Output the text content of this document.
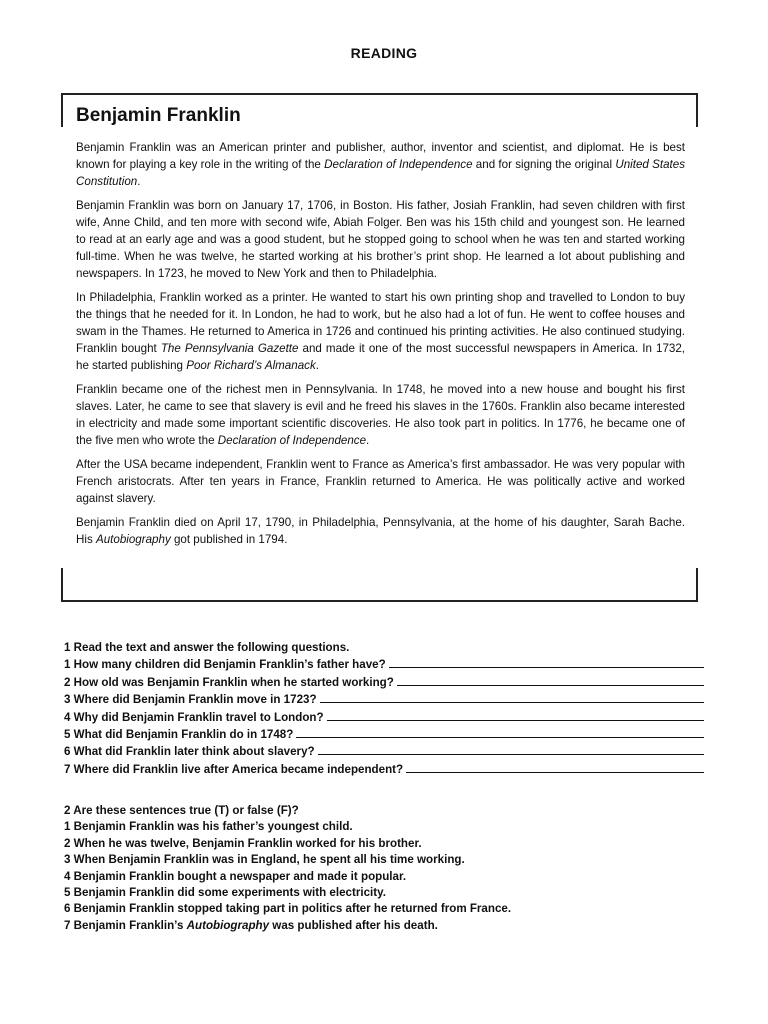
READING
Benjamin Franklin

Benjamin Franklin was an American printer and publisher, author, inventor and scientist, and diplomat. He is best known for playing a key role in the writing of the Declaration of Independence and for signing the original United States Constitution.

Benjamin Franklin was born on January 17, 1706, in Boston. His father, Josiah Franklin, had seven children with first wife, Anne Child, and ten more with second wife, Abiah Folger. Ben was his 15th child and youngest son. He learned to read at an early age and was a good student, but he stopped going to school when he was ten and started working full-time. When he was twelve, he started working at his brother’s print shop. He learned a lot about publishing and newspapers. In 1723, he moved to New York and then to Philadelphia.

In Philadelphia, Franklin worked as a printer. He wanted to start his own printing shop and travelled to London to buy the things that he needed for it. In London, he had to work, but he also had a lot of fun. He went to coffee houses and swam in the Thames. He returned to America in 1726 and continued his printing activities. He also continued studying. Franklin bought The Pennsylvania Gazette and made it one of the most successful newspapers in America. In 1732, he started publishing Poor Richard’s Almanack.

Franklin became one of the richest men in Pennsylvania. In 1748, he moved into a new house and bought his first slaves. Later, he came to see that slavery is evil and he freed his slaves in the 1760s. Franklin also became interested in electricity and made some important scientific discoveries. He also took part in politics. In 1776, he became one of the five men who wrote the Declaration of Independence.

After the USA became independent, Franklin went to France as America’s first ambassador. He was very popular with French aristocrats. After ten years in France, Franklin returned to America. He was politically active and worked against slavery.

Benjamin Franklin died on April 17, 1790, in Philadelphia, Pennsylvania, at the home of his daughter, Sarah Bache. His Autobiography got published in 1794.

1 Read the text and answer the following questions.
1 How many children did Benjamin Franklin’s father have?
2 How old was Benjamin Franklin when he started working?
3 Where did Benjamin Franklin move in 1723?
4 Why did Benjamin Franklin travel to London?
5 What did Benjamin Franklin do in 1748?
6 What did Franklin later think about slavery?
7 Where did Franklin live after America became independent?
2 Are these sentences true (T) or false (F)?
1 Benjamin Franklin was his father’s youngest child.
2 When he was twelve, Benjamin Franklin worked for his brother.
3 When Benjamin Franklin was in England, he spent all his time working.
4 Benjamin Franklin bought a newspaper and made it popular.
5 Benjamin Franklin did some experiments with electricity.
6 Benjamin Franklin stopped taking part in politics after he returned from France.
7 Benjamin Franklin’s Autobiography was published after his death.
